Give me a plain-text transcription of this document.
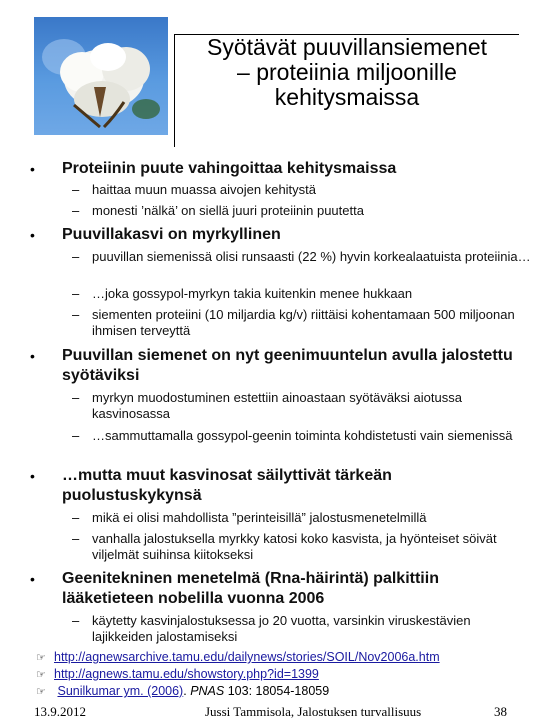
Syötävät puuvillansiemenet
– proteiinia miljoonille
kehitysmaissa
• Proteiinin puute vahingoittaa kehitysmaissa
– haittaa muun muassa aivojen kehitystä
– monesti ’nälkä’ on siellä juuri proteiinin puutetta
• Puuvillakasvi on myrkyllinen
– puuvillan siemenissä olisi runsaasti (22 %) hyvin korkealaatuista proteiinia…
– …joka gossypol-myrkyn takia kuitenkin menee hukkaan
– siementen proteiini (10 miljardia kg/v) riittäisi kohentamaan 500 miljoonan ihmisen terveyttä
• Puuvillan siemenet on nyt geenimuuntelun avulla jalostettu syötäviksi
– myrkyn muodostuminen estettiin ainoastaan syötäväksi aiotussa kasvinosassa
– …sammuttamalla gossypol-geenin toiminta kohdistetusti vain siemenissä
• …mutta muut kasvinosat säilyttivät tärkeän puolustuskykynsä
– mikä ei olisi mahdollista ”perinteisillä” jalostusmenetelmillä
– vanhalla jalostuksella myrkky katosi koko kasvista, ja hyönteiset söivät viljelmät suihinsa kiitokseksi
• Geenitekninen menetelmä (Rna-häirintä) palkittiin lääketieteen nobelilla vuonna 2006
– käytetty kasvinjalostuksessa jo 20 vuotta, varsinkin viruskestävien lajikkeiden jalostamiseksi
☞ http://agnewsarchive.tamu.edu/dailynews/stories/SOIL/Nov2006a.htm
☞ http://agnews.tamu.edu/showstory.php?id=1399
☞ Sunilkumar ym. (2006). PNAS 103: 18054-18059
13.9.2012	Jussi Tammisola, Jalostuksen turvallisuus	38
